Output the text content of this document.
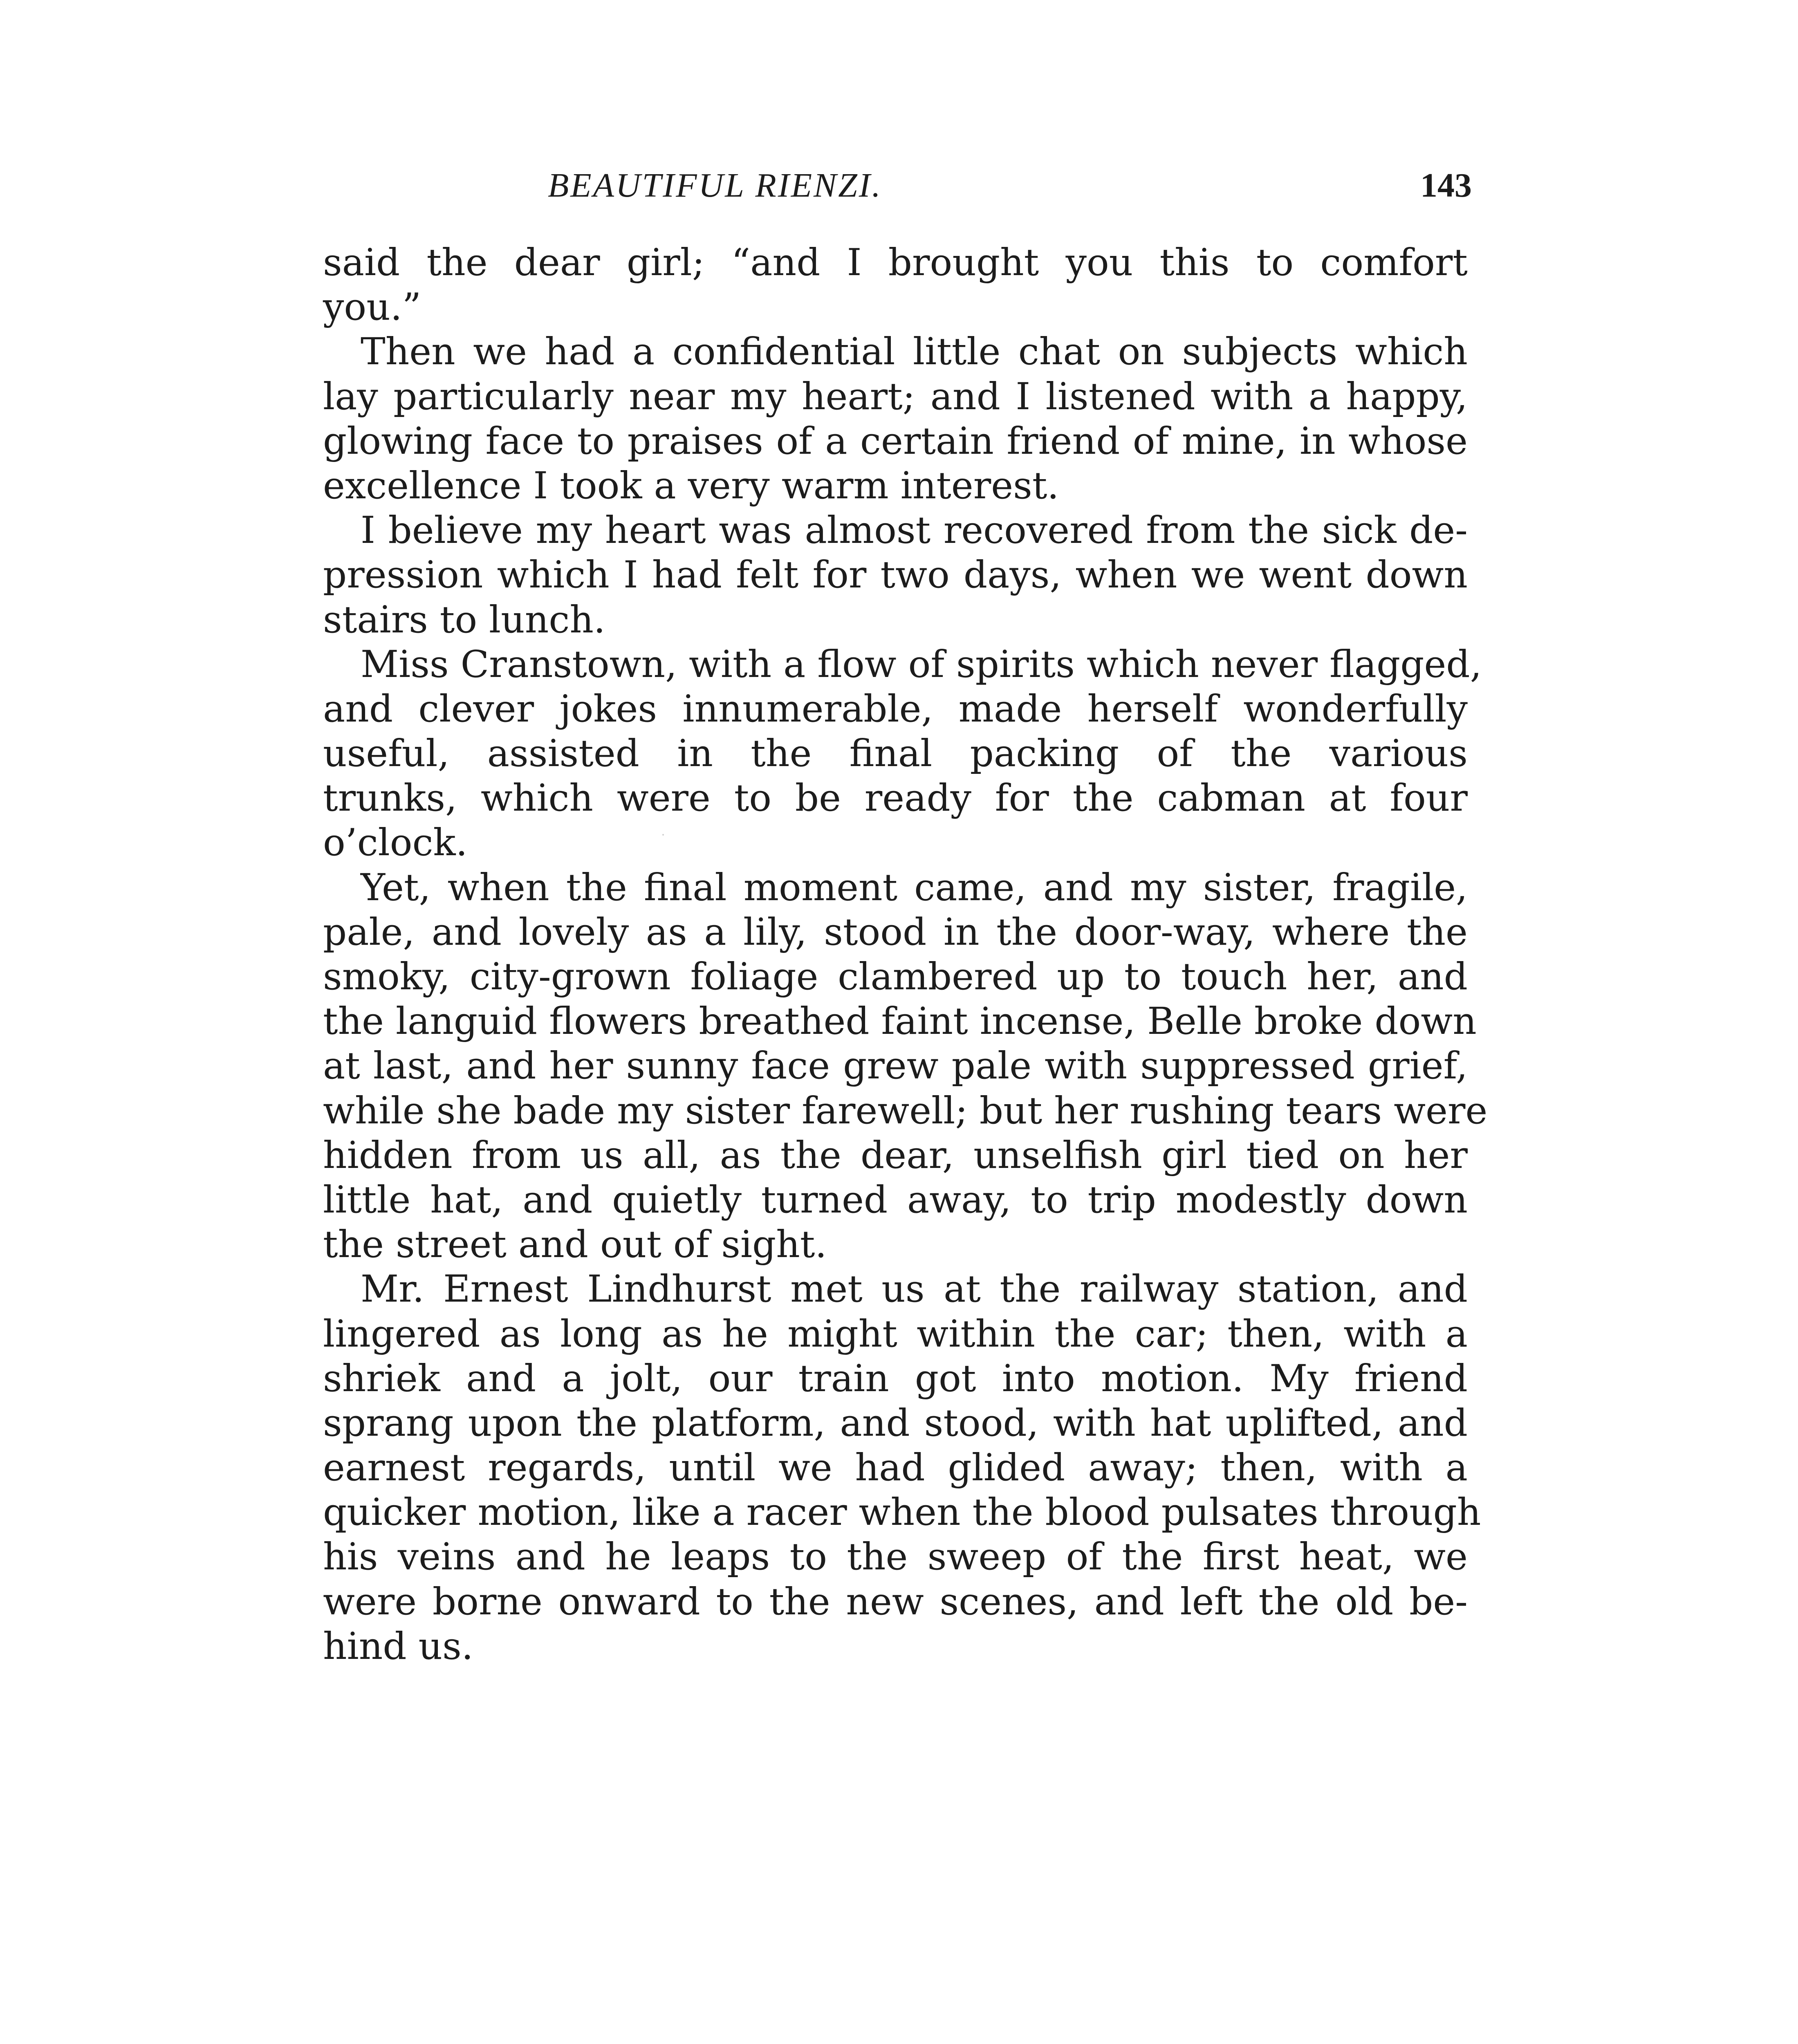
BEAUTIFUL RIENZI.	143
said the dear girl; “and I brought you this to comfort
you.”
Then we had a confidential little chat on subjects which
lay particularly near my heart; and I listened with a happy,
glowing face to praises of a certain friend of mine, in whose
excellence I took a very warm interest.
I believe my heart was almost recovered from the sick de-
pression which I had felt for two days, when we went down
stairs to lunch.
Miss Cranstown, with a flow of spirits which never flagged,
and clever jokes innumerable, made herself wonderfully
useful, assisted in the final packing of the various
trunks, which were to be ready for the cabman at four
o’clock.
Yet, when the final moment came, and my sister, fragile,
pale, and lovely as a lily, stood in the door-way, where the
smoky, city-grown foliage clambered up to touch her, and
the languid flowers breathed faint incense, Belle broke down
at last, and her sunny face grew pale with suppressed grief,
while she bade my sister farewell; but her rushing tears were
hidden from us all, as the dear, unselfish girl tied on her
little hat, and quietly turned away, to trip modestly down
the street and out of sight.
Mr. Ernest Lindhurst met us at the railway station, and
lingered as long as he might within the car; then, with a
shriek and a jolt, our train got into motion. My friend
sprang upon the platform, and stood, with hat uplifted, and
earnest regards, until we had glided away; then, with a
quicker motion, like a racer when the blood pulsates through
his veins and he leaps to the sweep of the first heat, we
were borne onward to the new scenes, and left the old be-
hind us.
